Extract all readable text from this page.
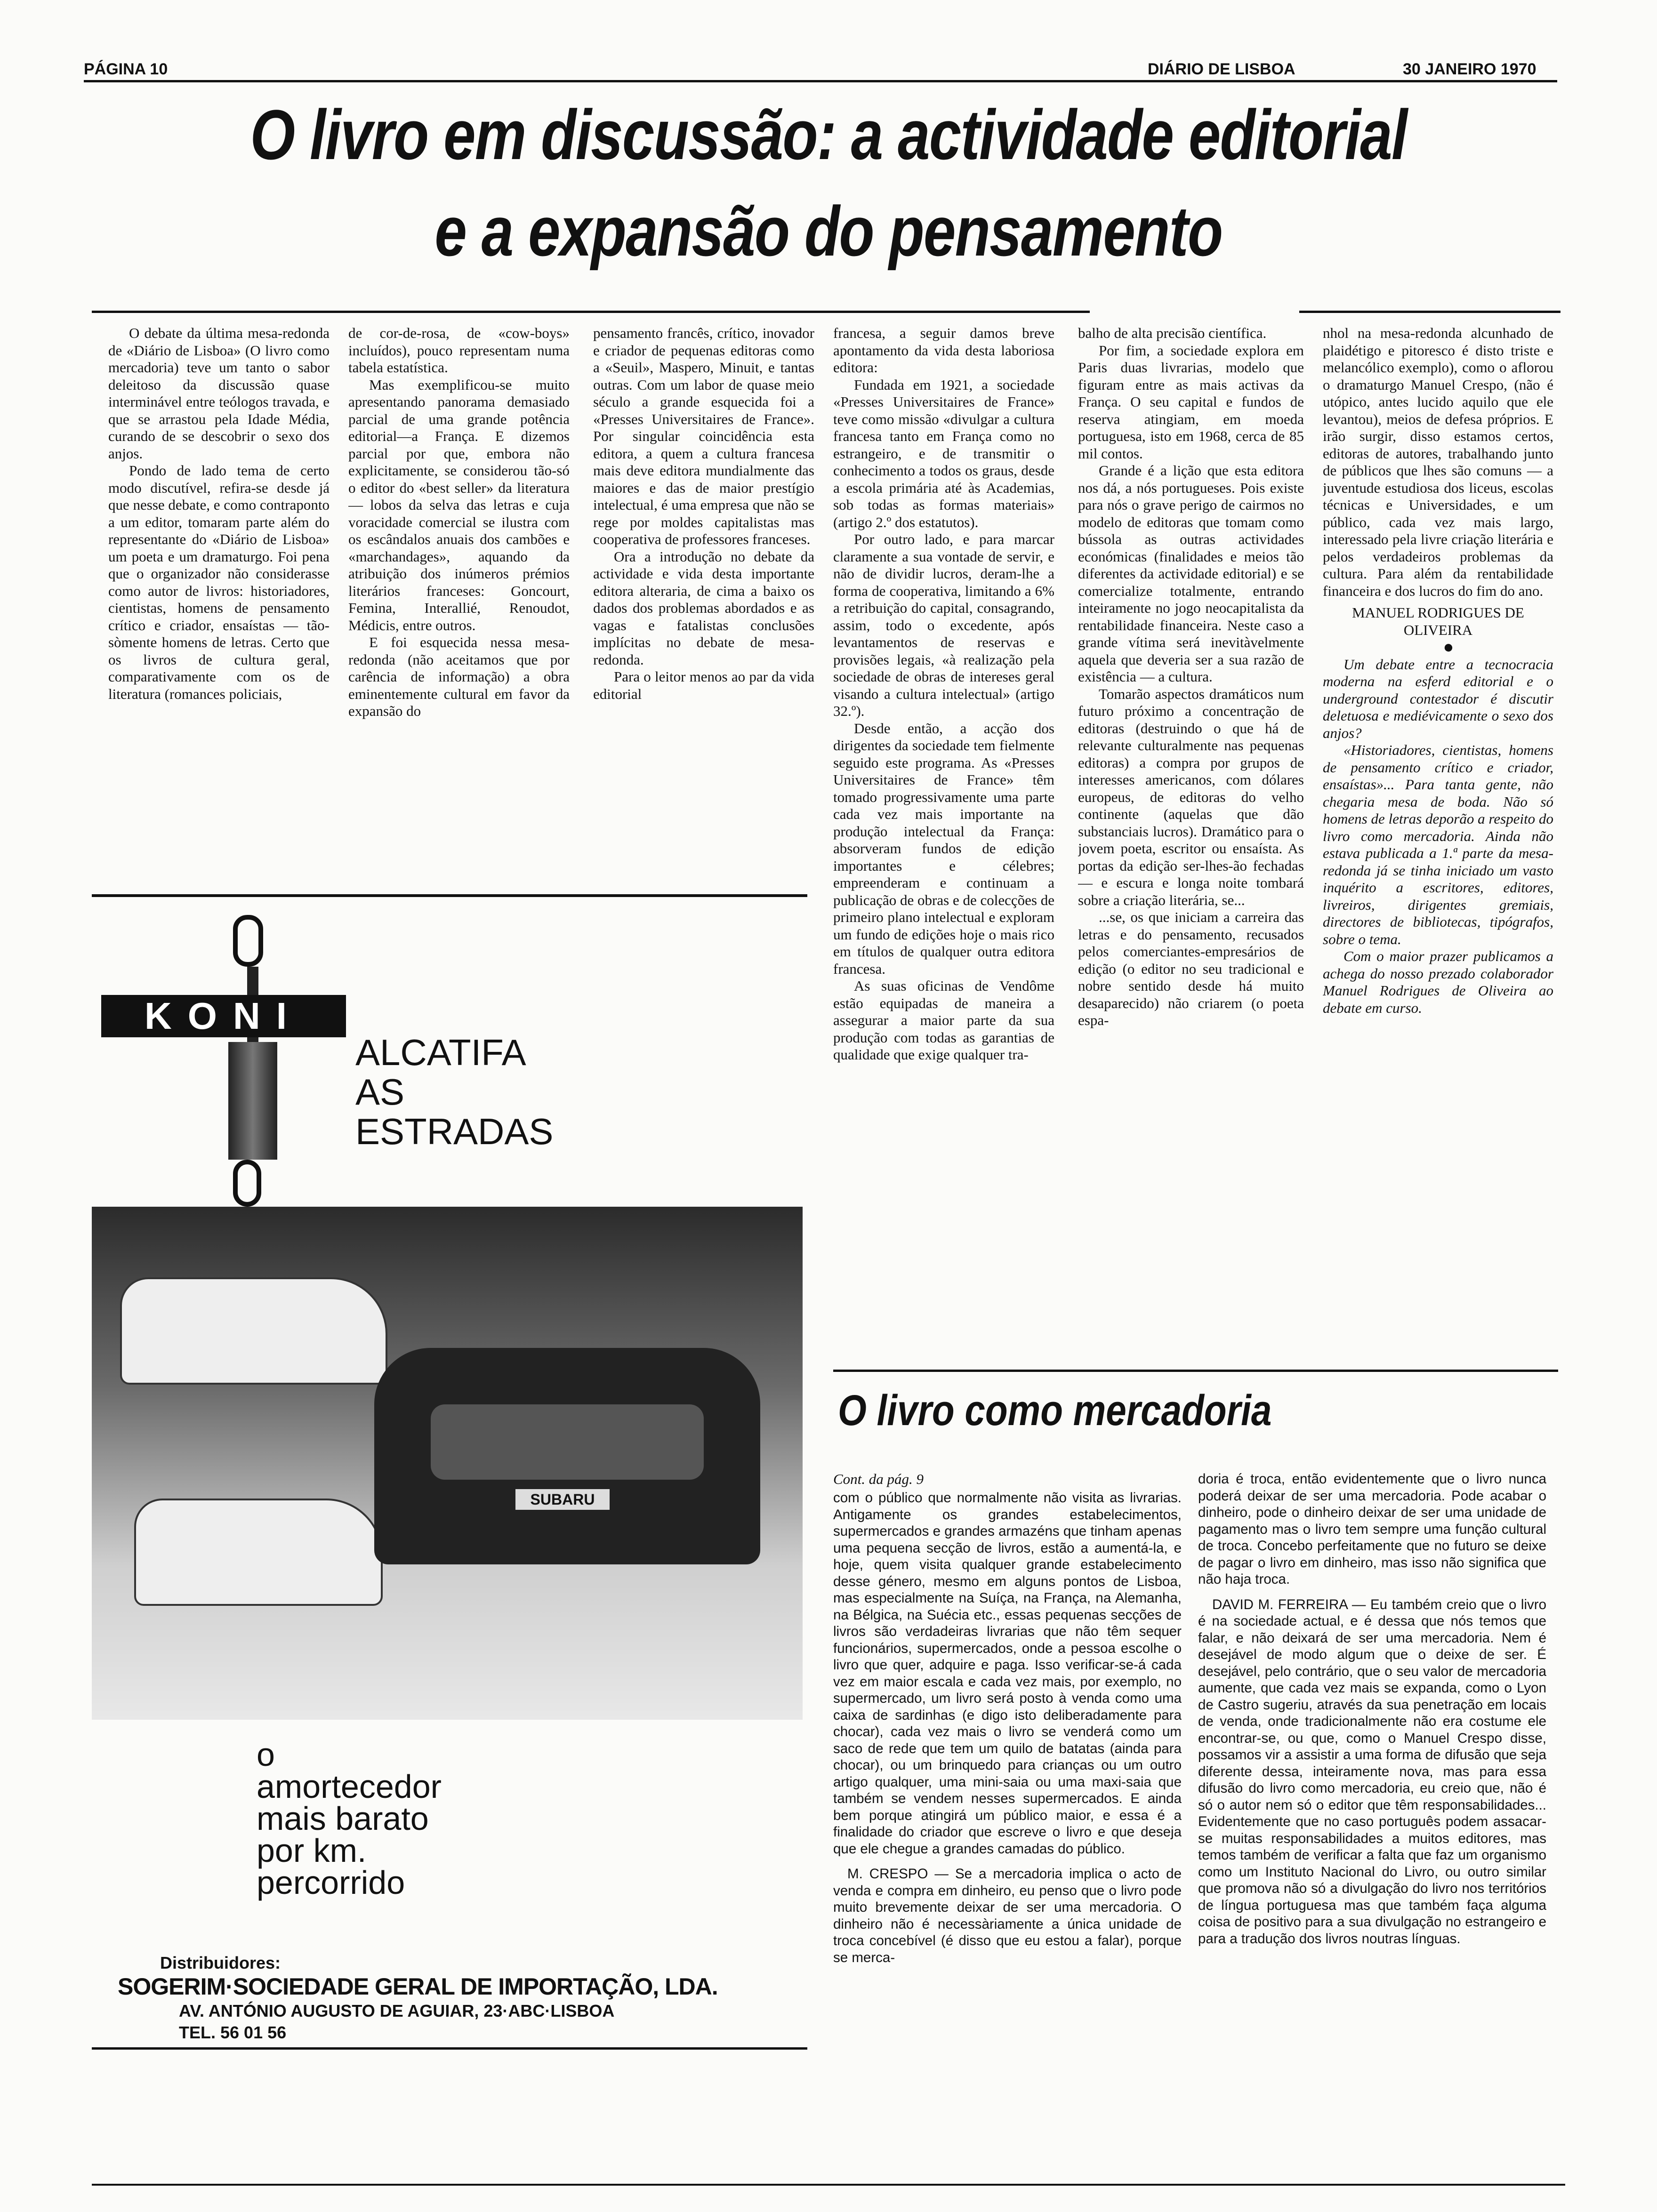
PÁGINA 10	DIÁRIO DE LISBOA	30 JANEIRO 1970
O livro em discussão: a actividade editorial
e a expansão do pensamento

O debate da última mesa-redonda de «Diário de Lisboa» (O livro como mercadoria) teve um tanto o sabor deleitoso da discussão quase interminável entre teólogos travada, e que se arrastou pela Idade Média, curando de se descobrir o sexo dos anjos.

Pondo de lado tema de certo modo discutível, refira-se desde já que nesse debate, e como contraponto a um editor, tomaram parte além do representante do «Diário de Lisboa» um poeta e um dramaturgo. Foi pena que o organizador não considerasse como autor de livros: historiadores, cientistas, homens de pensamento crítico e criador, ensaístas — tão-sòmente homens de letras. Certo que os livros de cultura geral, comparativamente com os de literatura (romances policiais,

de cor-de-rosa, de «cow-boys» incluídos), pouco representam numa tabela estatística.

Mas exemplificou-se muito apresentando panorama demasiado parcial de uma grande potência editorial—a França. E dizemos parcial por que, embora não explicitamente, se considerou tão-só o editor do «best seller» da literatura — lobos da selva das letras e cuja voracidade comercial se ilustra com os escândalos anuais dos cambões e «marchandages», aquando da atribuição dos inúmeros prémios literários franceses: Goncourt, Femina, Interallié, Renoudot, Médicis, entre outros.

E foi esquecida nessa mesa-redonda (não aceitamos que por carência de informação) a obra eminentemente cultural em favor da expansão do

pensamento francês, crítico, inovador e criador de pequenas editoras como a «Seuil», Maspero, Minuit, e tantas outras. Com um labor de quase meio século a grande esquecida foi a «Presses Universitaires de France». Por singular coincidência esta editora, a quem a cultura francesa mais deve editora mundialmente das maiores e das de maior prestígio intelectual, é uma empresa que não se rege por moldes capitalistas mas cooperativa de professores franceses.

Ora a introdução no debate da actividade e vida desta importante editora alteraria, de cima a baixo os dados dos problemas abordados e as vagas e fatalistas conclusões implícitas no debate de mesa-redonda.

Para o leitor menos ao par da vida editorial

francesa, a seguir damos breve apontamento da vida desta laboriosa editora:

Fundada em 1921, a sociedade «Presses Universitaires de France» teve como missão «divulgar a cultura francesa tanto em França como no estrangeiro, e de transmitir o conhecimento a todos os graus, desde a escola primária até às Academias, sob todas as formas materiais» (artigo 2.º dos estatutos).

Por outro lado, e para marcar claramente a sua vontade de servir, e não de dividir lucros, deram-lhe a forma de cooperativa, limitando a 6% a retribuição do capital, consagrando, assim, todo o excedente, após levantamentos de reservas e provisões legais, «à realização pela sociedade de obras de intereses geral visando a cultura intelectual» (artigo 32.º).

Desde então, a acção dos dirigentes da sociedade tem fielmente seguido este programa. As «Presses Universitaires de France» têm tomado progressivamente uma parte cada vez mais importante na produção intelectual da França: absorveram fundos de edição importantes e célebres; empreenderam e continuam a publicação de obras e de colecções de primeiro plano intelectual e exploram um fundo de edições hoje o mais rico em títulos de qualquer outra editora francesa.

As suas oficinas de Vendôme estão equipadas de maneira a assegurar a maior parte da sua produção com todas as garantias de qualidade que exige qualquer tra-

balho de alta precisão científica.

Por fim, a sociedade explora em Paris duas livrarias, modelo que figuram entre as mais activas da França. O seu capital e fundos de reserva atingiam, em moeda portuguesa, isto em 1968, cerca de 85 mil contos.

Grande é a lição que esta editora nos dá, a nós portugueses. Pois existe para nós o grave perigo de cairmos no modelo de editoras que tomam como bússola as outras actividades económicas (finalidades e meios tão diferentes da actividade editorial) e se comercialize totalmente, entrando inteiramente no jogo neocapitalista da rentabilidade financeira. Neste caso a grande vítima será inevitàvelmente aquela que deveria ser a sua razão de existência — a cultura.

Tomarão aspectos dramáticos num futuro próximo a concentração de editoras (destruindo o que há de relevante culturalmente nas pequenas editoras) a compra por grupos de interesses americanos, com dólares europeus, de editoras do velho continente (aquelas que dão substanciais lucros). Dramático para o jovem poeta, escritor ou ensaísta. As portas da edição ser-lhes-ão fechadas — e escura e longa noite tombará sobre a criação literária, se...

...se, os que iniciam a carreira das letras e do pensamento, recusados pelos comerciantes-empresários de edição (o editor no seu tradicional e nobre sentido desde há muito desaparecido) não criarem (o poeta espa-

nhol na mesa-redonda alcunhado de plaidétigo e pitoresco é disto triste e melancólico exemplo), como o aflorou o dramaturgo Manuel Crespo, (não é utópico, antes lucido aquilo que ele levantou), meios de defesa próprios. E irão surgir, disso estamos certos, editoras de autores, trabalhando junto de públicos que lhes são comuns — a juventude estudiosa dos liceus, escolas técnicas e Universidades, e um público, cada vez mais largo, interessado pela livre criação literária e pelos verdadeiros problemas da cultura. Para além da rentabilidade financeira e dos lucros do fim do ano.

MANUEL RODRIGUES DE OLIVEIRA

●

Um debate entre a tecnocracia moderna na esferd editorial e o underground contestador é discutir deletuosa e mediévicamente o sexo dos anjos?

«Historiadores, cientistas, homens de pensamento crítico e criador, ensaístas»... Para tanta gente, não chegaria mesa de boda. Não só homens de letras deporão a respeito do livro como mercadoria. Ainda não estava publicada a 1.ª parte da mesa-redonda já se tinha iniciado um vasto inquérito a escritores, editores, livreiros, dirigentes gremiais, directores de bibliotecas, tipógrafos, sobre o tema.

Com o maior prazer publicamos a achega do nosso prezado colaborador Manuel Rodrigues de Oliveira ao debate em curso.

KONI
ALCATIFA
AS
ESTRADAS
SUBARU
o
amortecedor
mais barato
por km.
percorrido
Distribuidores:
SOGERIM·SOCIEDADE GERAL DE IMPORTAÇÃO, LDA.
AV. ANTÓNIO AUGUSTO DE AGUIAR, 23·ABC·LISBOA
TEL. 56 01 56
O livro como mercadoria
Cont. da pág. 9

com o público que normalmente não visita as livrarias. Antigamente os grandes estabelecimentos, supermercados e grandes armazéns que tinham apenas uma pequena secção de livros, estão a aumentá-la, e hoje, quem visita qualquer grande estabelecimento desse género, mesmo em alguns pontos de Lisboa, mas especialmente na Suíça, na França, na Alemanha, na Bélgica, na Suécia etc., essas pequenas secções de livros são verdadeiras livrarias que não têm sequer funcionários, supermercados, onde a pessoa escolhe o livro que quer, adquire e paga. Isso verificar-se-á cada vez em maior escala e cada vez mais, por exemplo, no supermercado, um livro será posto à venda como uma caixa de sardinhas (e digo isto deliberadamente para chocar), cada vez mais o livro se venderá como um saco de rede que tem um quilo de batatas (ainda para chocar), ou um brinquedo para crianças ou um outro artigo qualquer, uma mini-saia ou uma maxi-saia que também se vendem nesses supermercados. E ainda bem porque atingirá um público maior, e essa é a finalidade do criador que escreve o livro e que deseja que ele chegue a grandes camadas do público.

M. CRESPO — Se a mercadoria implica o acto de venda e compra em dinheiro, eu penso que o livro pode muito brevemente deixar de ser uma mercadoria. O dinheiro não é necessàriamente a única unidade de troca concebível (é disso que eu estou a falar), porque se merca-

doria é troca, então evidentemente que o livro nunca poderá deixar de ser uma mercadoria. Pode acabar o dinheiro, pode o dinheiro deixar de ser uma unidade de pagamento mas o livro tem sempre uma função cultural de troca. Concebo perfeitamente que no futuro se deixe de pagar o livro em dinheiro, mas isso não significa que não haja troca.

DAVID M. FERREIRA — Eu também creio que o livro é na sociedade actual, e é dessa que nós temos que falar, e não deixará de ser uma mercadoria. Nem é desejável de modo algum que o deixe de ser. É desejável, pelo contrário, que o seu valor de mercadoria aumente, que cada vez mais se expanda, como o Lyon de Castro sugeriu, através da sua penetração em locais de venda, onde tradicionalmente não era costume ele encontrar-se, ou que, como o Manuel Crespo disse, possamos vir a assistir a uma forma de difusão que seja diferente dessa, inteiramente nova, mas para essa difusão do livro como mercadoria, eu creio que, não é só o autor nem só o editor que têm responsabilidades... Evidentemente que no caso português podem assacar-se muitas responsabilidades a muitos editores, mas temos também de verificar a falta que faz um organismo como um Instituto Nacional do Livro, ou outro similar que promova não só a divulgação do livro nos territórios de língua portuguesa mas que também faça alguma coisa de positivo para a sua divulgação no estrangeiro e para a tradução dos livros noutras línguas.
